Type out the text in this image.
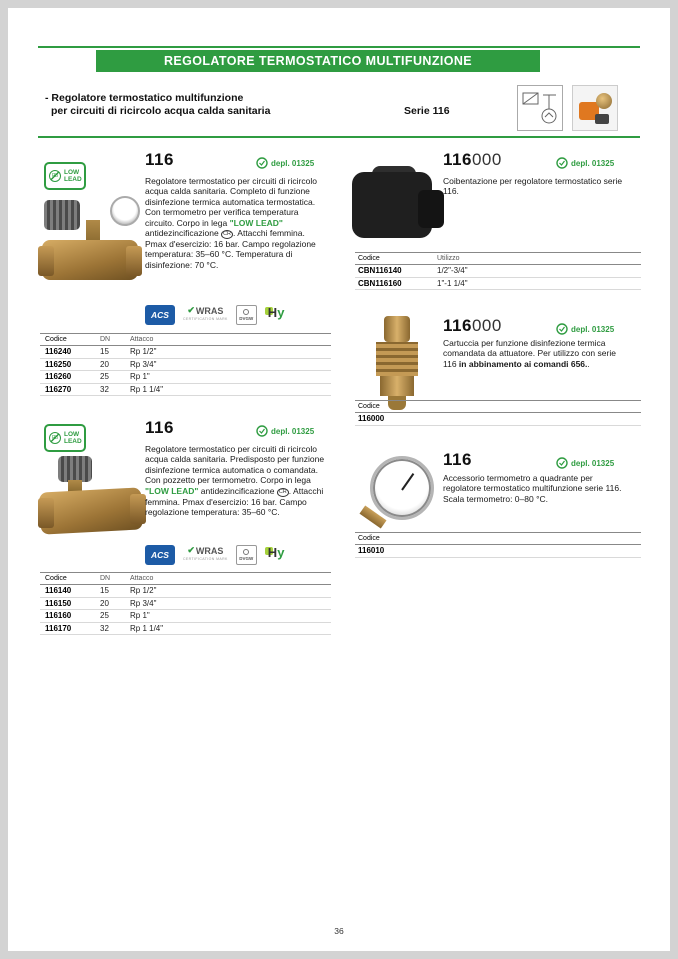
REGOLATORE TERMOSTATICO MULTIFUNZIONE
- Regolatore termostatico multifunzione
per circuiti di ricircolo acqua calda sanitaria	Serie 116
Pb LOW
LEAD
116	depl. 01325
Regolatore termostatico per circuiti di ricircolo acqua calda sanitaria. Completo di funzione disinfezione termica automatica termostatica. Con termometro per verifica temperatura circuito. Corpo in lega "LOW LEAD" antidezincificazione CR . Attacchi femmina. Pmax d'esercizio: 16 bar. Campo regolazione temperatura: 35–60 °C. Temperatura di disinfezione: 70 °C.
ACS	✔ WRAS
CERTIFICATION MARK	DVGW Hy
Codice	DN	Attacco
116240	15	Rp 1/2"
116250	20	Rp 3/4"
116260	25	Rp 1"
116270	32	Rp 1 1/4"
Pb LOW
LEAD
116	depl. 01325
Regolatore termostatico per circuiti di ricircolo acqua calda sanitaria. Predisposto per funzione disinfezione termica automatica o comandata. Con pozzetto per termometro. Corpo in lega "LOW LEAD" antidezincificazione CR . Attacchi femmina. Pmax d'esercizio: 16 bar. Campo regolazione temperatura: 35–60 °C.
ACS	✔ WRAS
CERTIFICATION MARK	DVGW Hy
Codice	DN	Attacco
116140	15	Rp 1/2"
116150	20	Rp 3/4"
116160	25	Rp 1"
116170	32	Rp 1 1/4"
116000	depl. 01325
Coibentazione per regolatore termostatico serie 116.
Codice	Utilizzo
CBN116140	1/2"-3/4"
CBN116160	1"-1 1/4"
116000	depl. 01325
Cartuccia per funzione disinfezione termica comandata da attuatore. Per utilizzo con serie 116 in abbinamento ai comandi 656..
Codice
116000
116	depl. 01325
Accessorio termometro a quadrante per regolatore termostatico multifunzione serie 116. Scala termometro: 0–80 °C.
Codice
116010
36
